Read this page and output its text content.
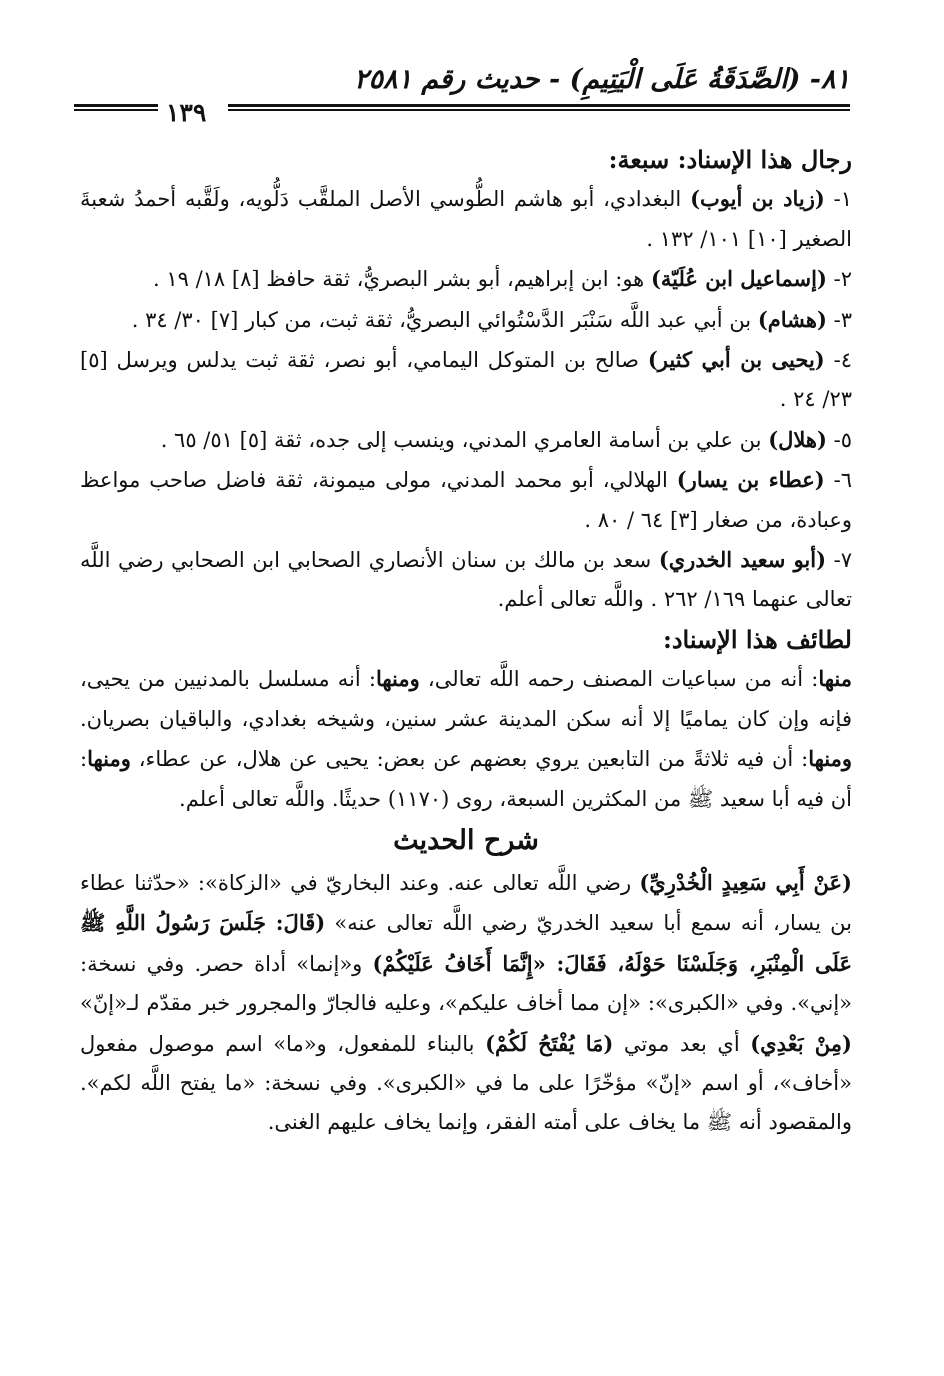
٨١- (الصَّدَقَةُ عَلَى الْيَتِيمِ) - حديث رقم ٢٥٨١
١٣٩

رجال هذا الإسناد: سبعة:

١- (زياد بن أيوب) البغدادي، أبو هاشم الطُّوسي الأصل الملقَّب دَلُّويه، ولَقَّبه أحمدُ شعبةَ الصغير [١٠] ١٠١/ ١٣٢ .

٢- (إسماعيل ابن عُلَيّة) هو: ابن إبراهيم، أبو بشر البصريُّ، ثقة حافظ [٨] ١٨/ ١٩ .

٣- (هشام) بن أبي عبد اللَّه سَنْبَر الدَّسْتُوائي البصريُّ، ثقة ثبت، من كبار [٧] ٣٠/ ٣٤ .

٤- (يحيى بن أبي كثير) صالح بن المتوكل اليمامي، أبو نصر، ثقة ثبت يدلس ويرسل [٥] ٢٣/ ٢٤ .

٥- (هلال) بن علي بن أسامة العامري المدني، وينسب إلى جده، ثقة [٥] ٥١/ ٦٥ .

٦- (عطاء بن يسار) الهلالي، أبو محمد المدني، مولى ميمونة، ثقة فاضل صاحب مواعظ وعبادة، من صغار [٣] ٦٤ / ٨٠ .

٧- (أبو سعيد الخدري) سعد بن مالك بن سنان الأنصاري الصحابي ابن الصحابي رضي اللَّه تعالى عنهما ١٦٩/ ٢٦٢ . واللَّه تعالى أعلم.

لطائف هذا الإسناد:

منها: أنه من سباعيات المصنف رحمه اللَّه تعالى، ومنها: أنه مسلسل بالمدنيين من يحيى، فإنه وإن كان يماميًا إلا أنه سكن المدينة عشر سنين، وشيخه بغدادي، والباقيان بصريان. ومنها: أن فيه ثلاثةً من التابعين يروي بعضهم عن بعض: يحيى عن هلال، عن عطاء، ومنها: أن فيه أبا سعيد ﷺ من المكثرين السبعة، روى (١١٧٠) حديثًا. واللَّه تعالى أعلم.

شرح الحديث

(عَنْ أَبِي سَعِيدٍ الْخُدْرِيِّ) رضي اللَّه تعالى عنه. وعند البخاريّ في «الزكاة»: «حدّثنا عطاء بن يسار، أنه سمع أبا سعيد الخدريّ رضي اللَّه تعالى عنه» (قَالَ: جَلَسَ رَسُولُ اللَّهِ ﷺ عَلَى الْمِنْبَرِ، وَجَلَسْنَا حَوْلَهُ، فَقَالَ: «إِنَّمَا أَخَافُ عَلَيْكُمْ) و«إنما» أداة حصر. وفي نسخة: «إني». وفي «الكبرى»: «إن مما أخاف عليكم»، وعليه فالجارّ والمجرور خبر مقدّم لـ«إنّ» (مِنْ بَعْدِي) أي بعد موتي (مَا يُفْتَحُ لَكُمْ) بالبناء للمفعول، و«ما» اسم موصول مفعول «أخاف»، أو اسم «إنّ» مؤخّرًا على ما في «الكبرى». وفي نسخة: «ما يفتح اللَّه لكم». والمقصود أنه ﷺ ما يخاف على أمته الفقر، وإنما يخاف عليهم الغنى.
